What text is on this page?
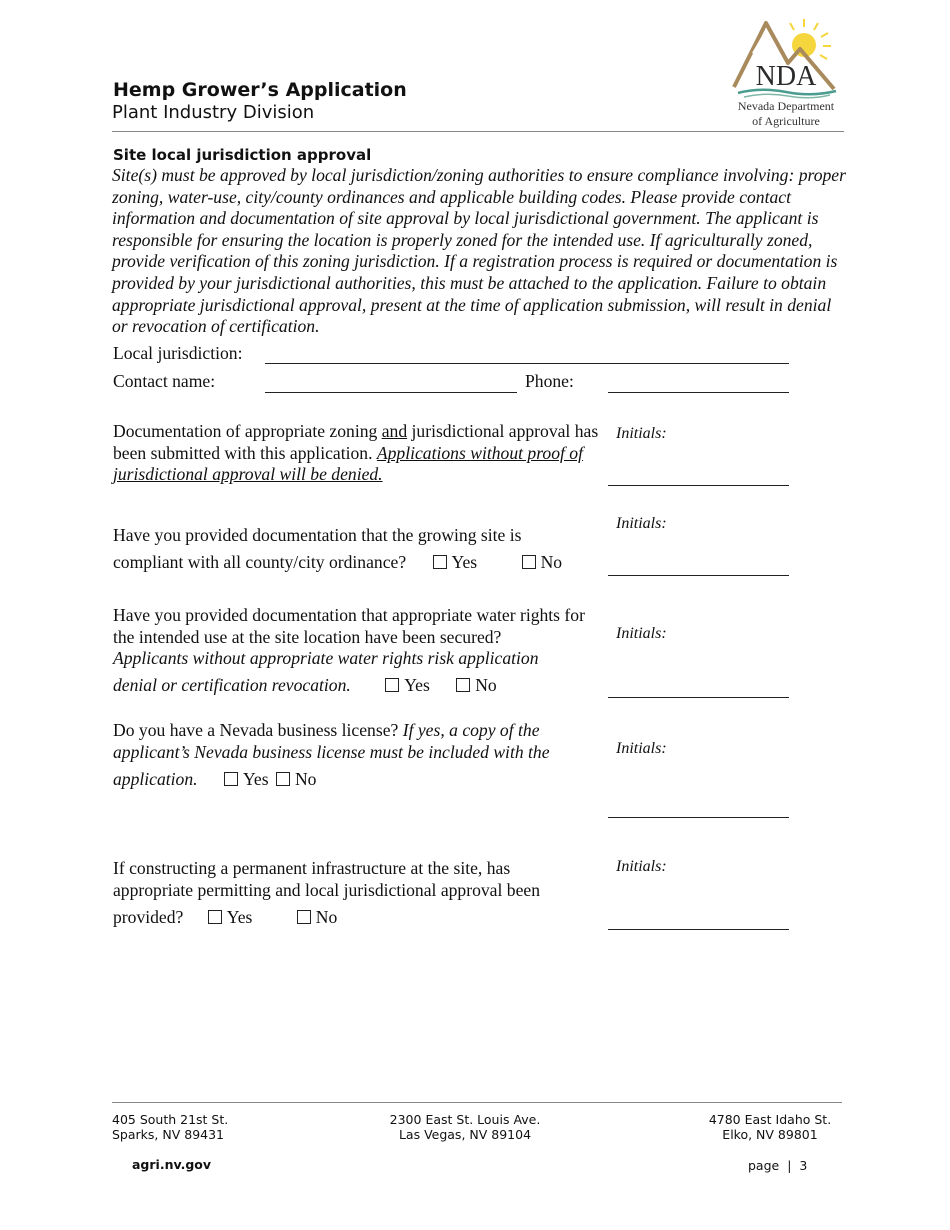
Hemp Grower’s Application
Plant Industry Division
NDA
Nevada Department
of Agriculture
Site local jurisdiction approval
Site(s) must be approved by local jurisdiction/zoning authorities to ensure compliance involving: proper zoning, water-use, city/county ordinances and applicable building codes. Please provide contact information and documentation of site approval by local jurisdictional government. The applicant is responsible for ensuring the location is properly zoned for the intended use. If agriculturally zoned, provide verification of this zoning jurisdiction. If a registration process is required or documentation is provided by your jurisdictional authorities, this must be attached to the application. Failure to obtain appropriate jurisdictional approval, present at the time of application submission, will result in denial or revocation of certification.
Local jurisdiction:
Contact name:	Phone:
Documentation of appropriate zoning and jurisdictional approval has been submitted with this application. Applications without proof of jurisdictional approval will be denied.
Initials:
Have you provided documentation that the growing site is
compliant with all county/city ordinance?	Yes	No
Initials:
Have you provided documentation that appropriate water rights for the intended use at the site location have been secured?
Applicants without appropriate water rights risk application
denial or certification revocation.	Yes	No
Initials:
Do you have a Nevada business license? If yes, a copy of the applicant’s Nevada business license must be included with the
application.	Yes No
Initials:
If constructing a permanent infrastructure at the site, has appropriate permitting and local jurisdictional approval been
provided? Yes	No
Initials:
405 South 21st St.
Sparks, NV 89431
2300 East St. Louis Ave.
Las Vegas, NV 89104
4780 East Idaho St.
Elko, NV 89801
agri.nv.gov	page | 3
